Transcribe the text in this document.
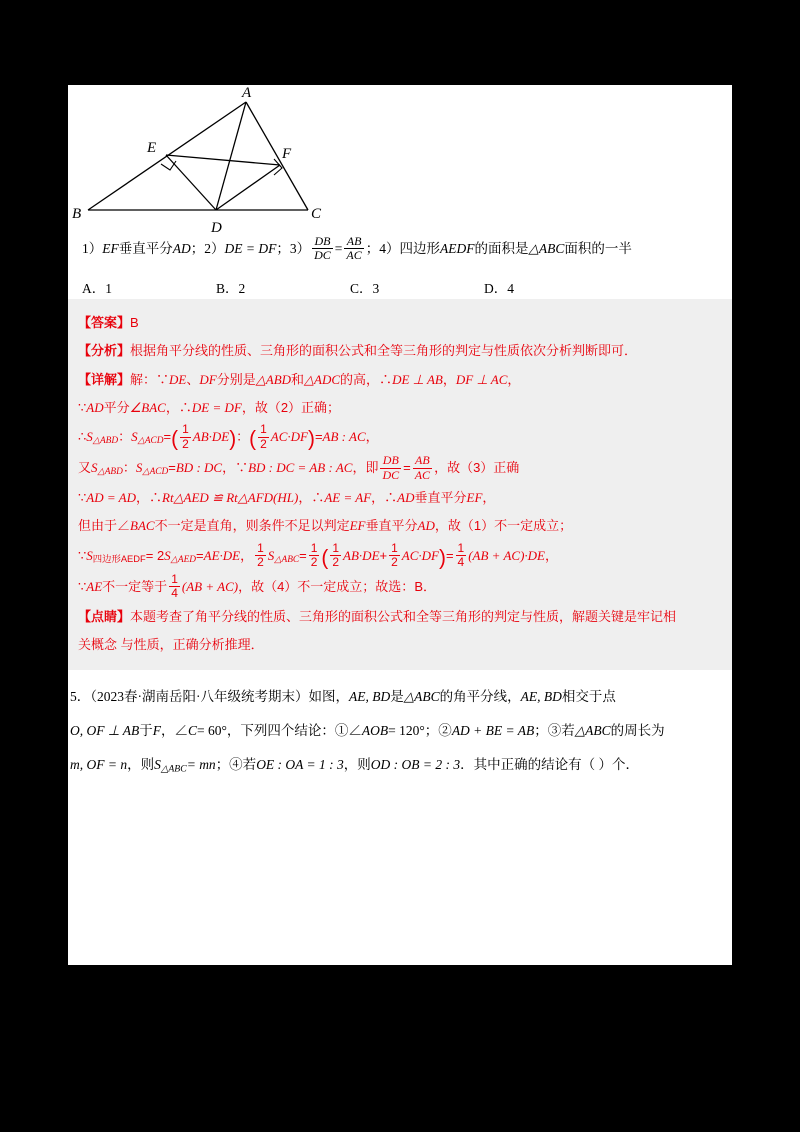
A
E	F
B
D
C
1）EF垂直平分AD；2）DE = DF；$3) \frac{DB}{DC} = \frac{AB}{AC}$ ；4）四边形AEDF的面积是△ABC面积的一半
A．1	B．2	C．3	D．4
【答案】B
【分析】根据角平分线的性质、三角形的面积公式和全等三角形的判定与性质依次分析判断即可．
【详解】解：∵DE、DF分别是△ABD和△ADC的高，∴DE ⊥ AB，DF ⊥ AC，
∵AD平分∠BAC，∴DE = DF，故（2）正确；
$\therefore S_{\triangle ABD}$：$S_{\triangle ACD}=( \frac{1}{2} AB\cdot DE)$：( $\frac{1}{2} AC\cdot DF)=AB$ : AC，
又$S_{\triangle ABD}$：$S_{\triangle ACD}=BD$ : DC，∵BD : DC = AB : AC，即 $\frac{DB}{DC} = \frac{AB}{AC}$ ，故（3）正确
∵AD = AD，∴Rt△AED ≌ Rt△AFD(HL)，∴AE = AF，∴AD垂直平分EF，
但由于∠BAC不一定是直角，则条件不足以判定EF垂直平分AD，故（1）不一定成立；
$\because S_{四边形AEDF}= 2S_{\triangle AED}=AE\cdot DE$， $\frac{1}{2} S_{\triangle ABC}= \frac{1}{2}$ ( $\frac{1}{2} AB\cdot DE+ \frac{1}{2} AC\cdot DF)= \frac{1}{4} (AB + AC)\cdot DE$，
∵AE不一定等于 $\frac{1}{4} (AB + AC)$，故（4）不一定成立；故选：B．
【点睛】本题考查了角平分线的性质、三角形的面积公式和全等三角形的判定与性质，解题关键是牢记相
关概念 与性质，正确分析推理．
5．（2023春·湖南岳阳·八年级统考期末）如图，AE, BD是△ABC的角平分线，AE, BD相交于点
O, OF ⊥ AB于F，∠C= 60°，下列四个结论：①∠AOB= 120°；②AD + BE = AB；③若△ABC的周长为
m, OF = n，则$S_{\triangle ABC}=$ mn；④若OE : OA = 1 : 3，则OD : OB = 2 : 3．其中正确的结论有（ ）个．
